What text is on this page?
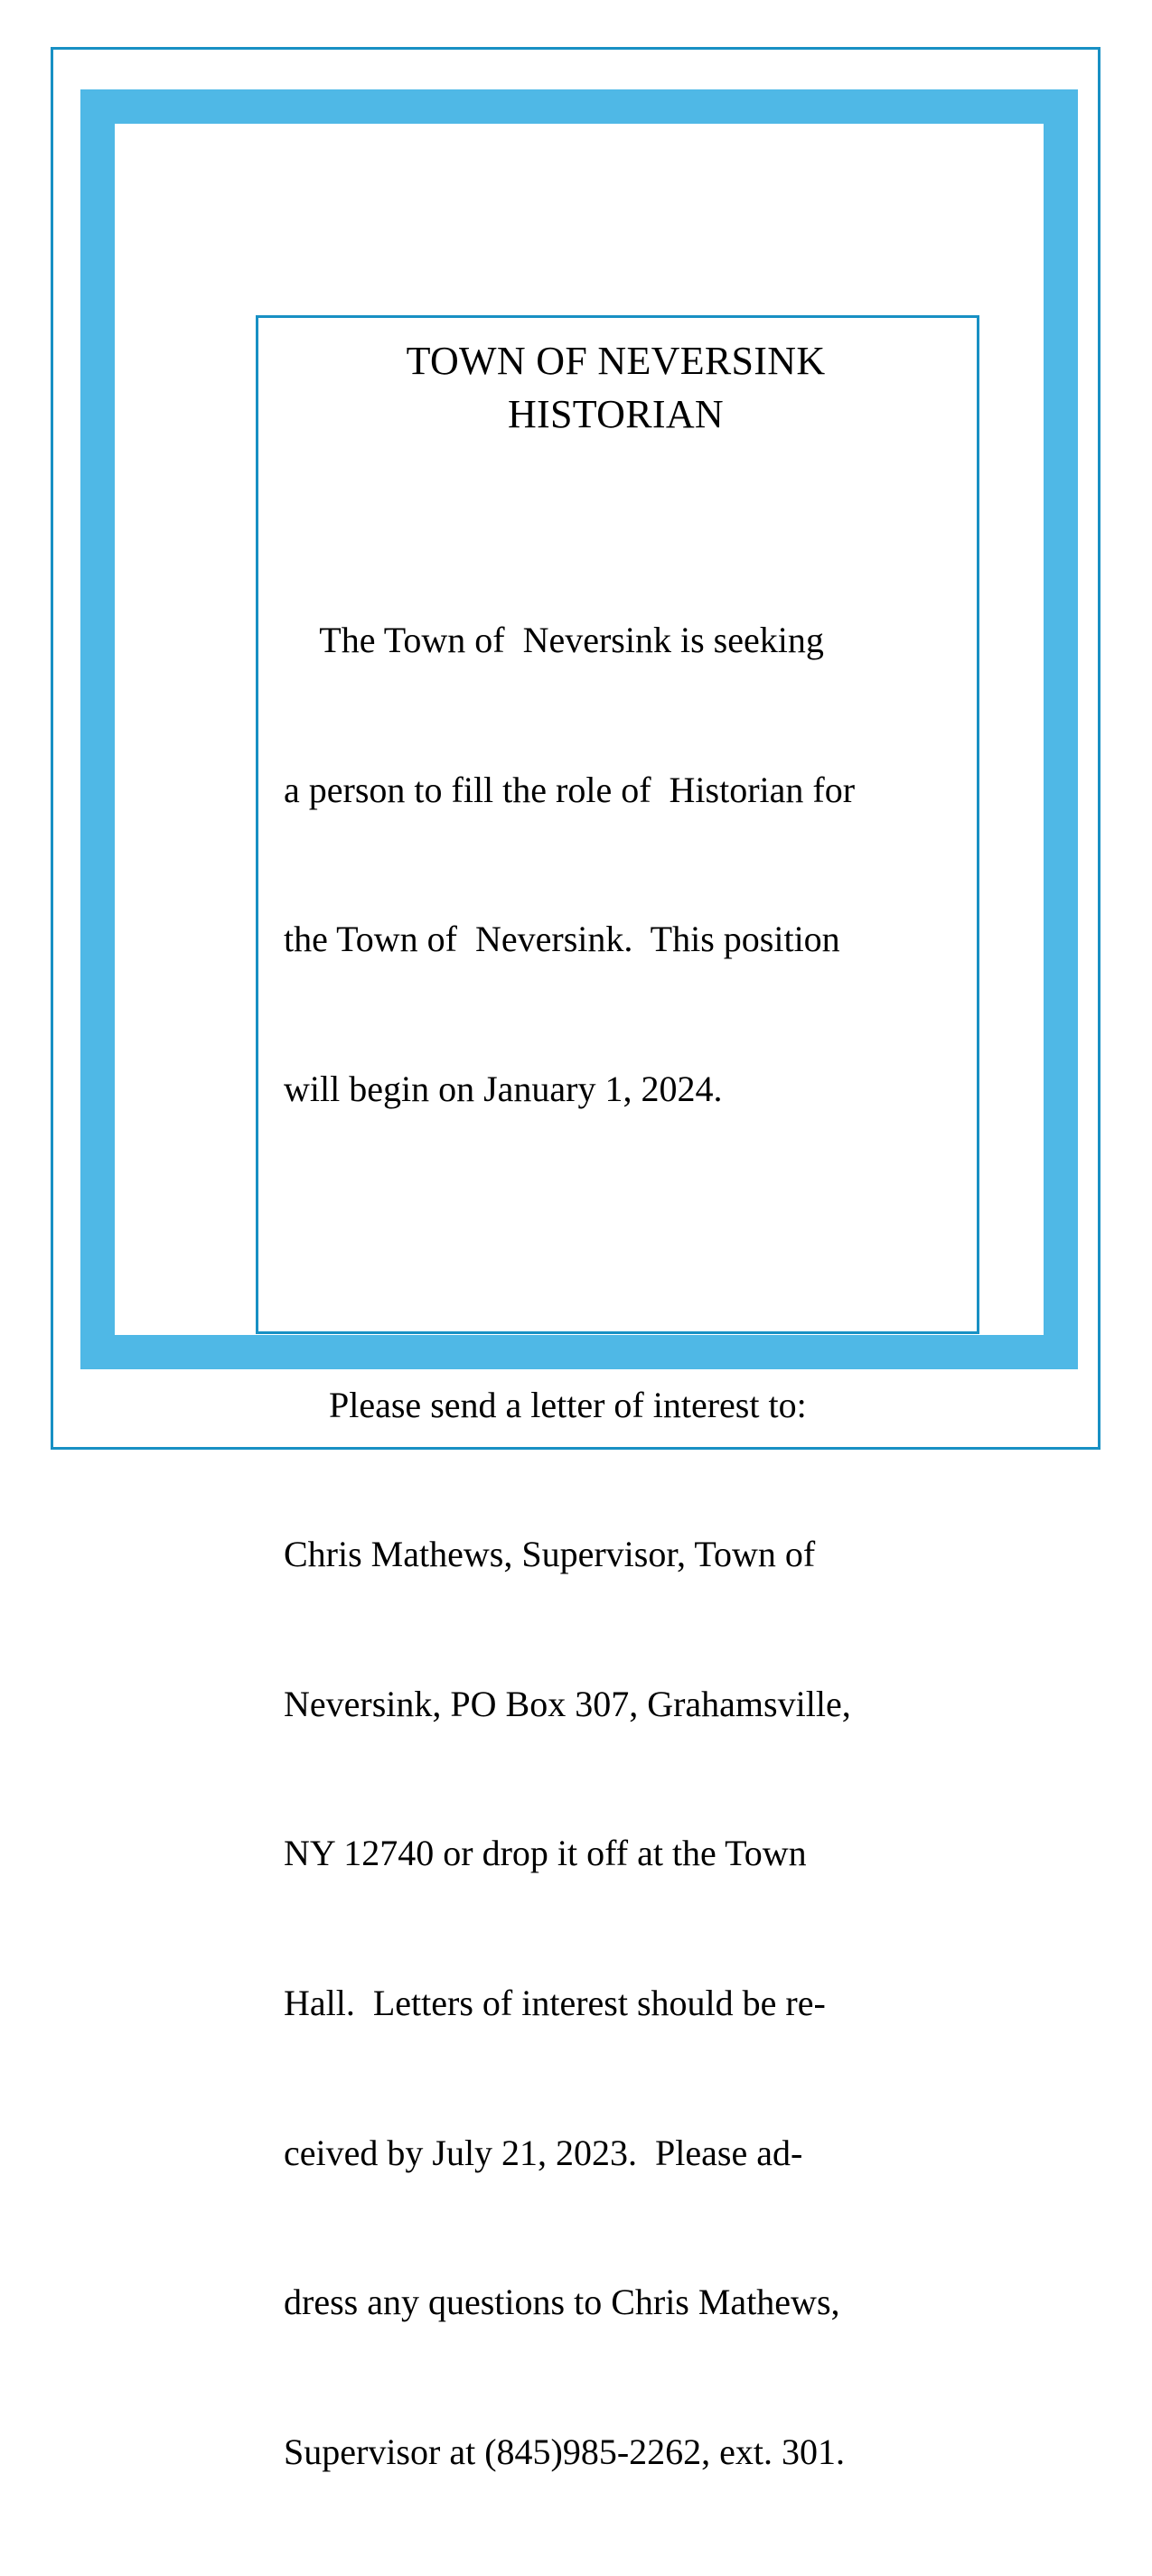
TOWN OF NEVERSINK
HISTORIAN

The Town of  Neversink is seeking

a person to fill the role of  Historian for

the Town of  Neversink.  This position

will begin on January 1, 2024.

Please send a letter of interest to:

Chris Mathews, Supervisor, Town of

Neversink, PO Box 307, Grahamsville,

NY 12740 or drop it off at the Town

Hall.  Letters of interest should be re-

ceived by July 21, 2023.  Please ad-

dress any questions to Chris Mathews,

Supervisor at (845)985-2262, ext. 301.
